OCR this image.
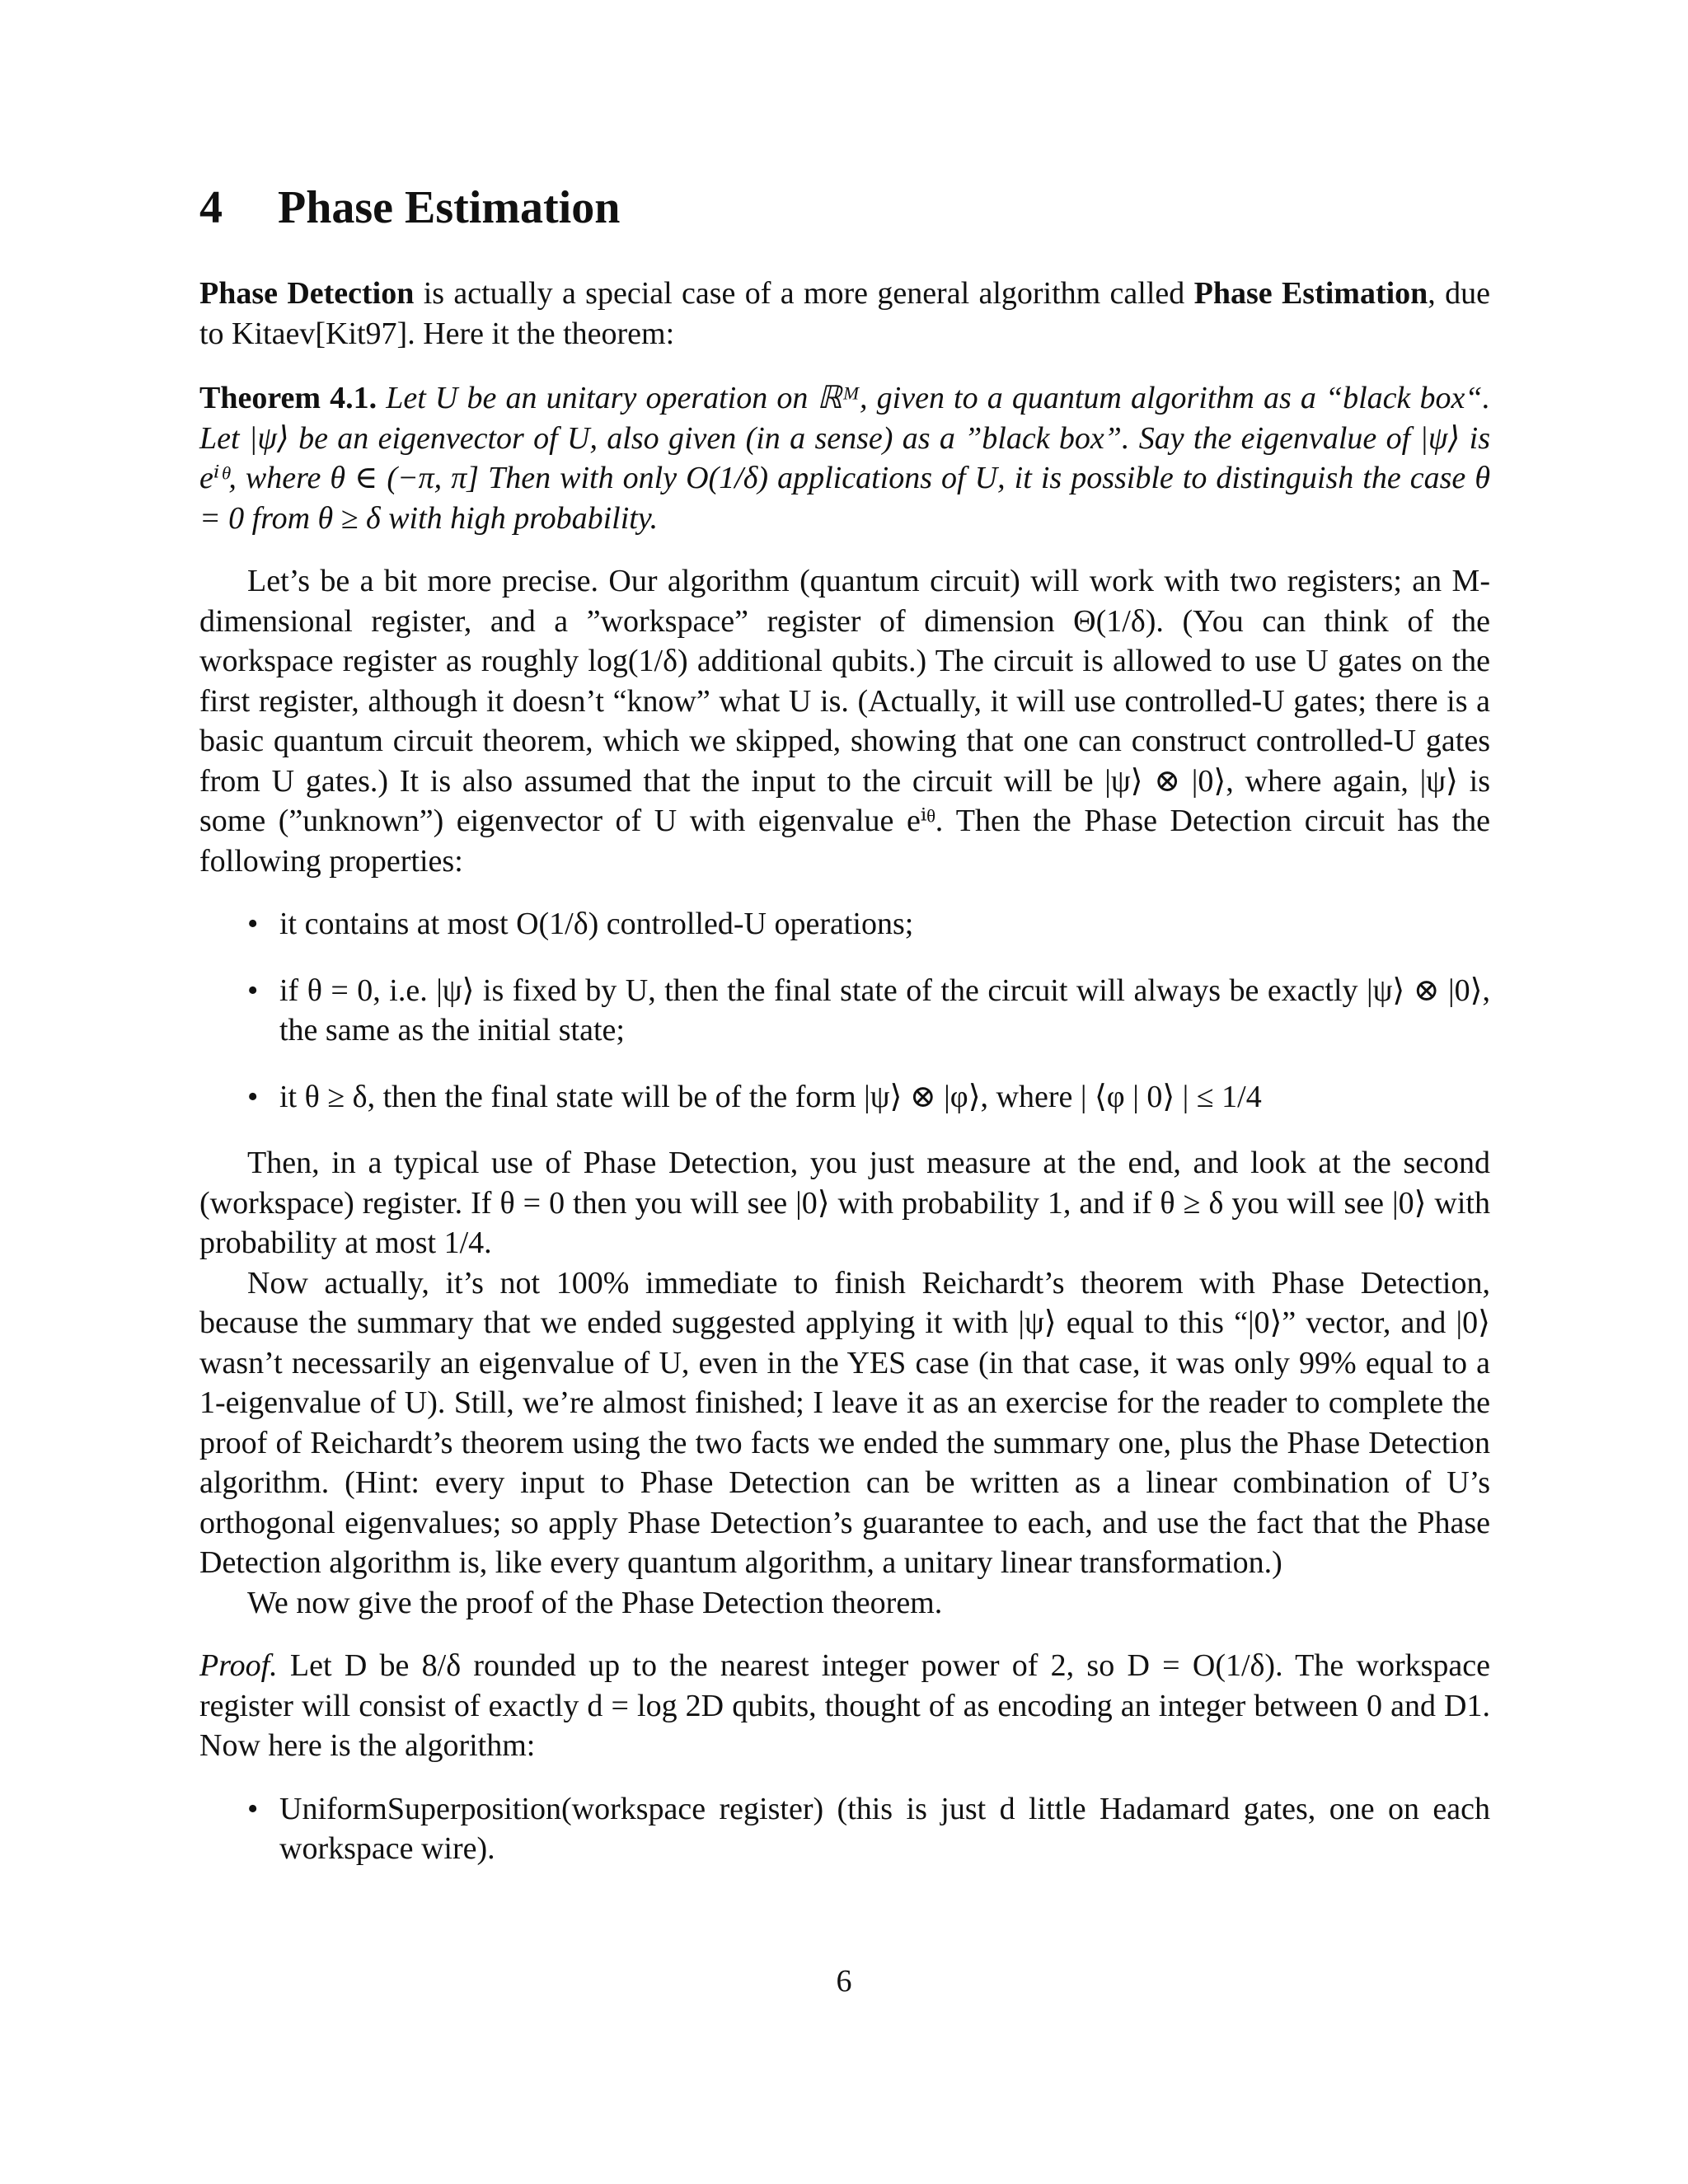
4	Phase Estimation

Phase Detection is actually a special case of a more general algorithm called Phase Estimation, due to Kitaev[Kit97]. Here it the theorem:

Theorem 4.1. Let U be an unitary operation on ℝᴹ, given to a quantum algorithm as a “black box“. Let |ψ⟩ be an eigenvector of U, also given (in a sense) as a ”black box”. Say the eigenvalue of |ψ⟩ is eⁱᶿ, where θ ∈ (−π, π] Then with only O(1/δ) applications of U, it is possible to distinguish the case θ = 0 from θ ≥ δ with high probability.

Let’s be a bit more precise. Our algorithm (quantum circuit) will work with two registers; an M-dimensional register, and a ”workspace” register of dimension Θ(1/δ). (You can think of the workspace register as roughly log(1/δ) additional qubits.) The circuit is allowed to use U gates on the first register, although it doesn’t “know” what U is. (Actually, it will use controlled-U gates; there is a basic quantum circuit theorem, which we skipped, showing that one can construct controlled-U gates from U gates.) It is also assumed that the input to the circuit will be |ψ⟩ ⊗ |0⟩, where again, |ψ⟩ is some (”unknown”) eigenvector of U with eigenvalue eⁱᶿ. Then the Phase Detection circuit has the following properties:

• it contains at most O(1/δ) controlled-U operations;
• if θ = 0, i.e. |ψ⟩ is fixed by U, then the final state of the circuit will always be exactly |ψ⟩ ⊗ |0⟩, the same as the initial state;
• it θ ≥ δ, then the final state will be of the form |ψ⟩ ⊗ |φ⟩, where | ⟨φ | 0⟩ | ≤ 1/4

Then, in a typical use of Phase Detection, you just measure at the end, and look at the second (workspace) register. If θ = 0 then you will see |0⟩ with probability 1, and if θ ≥ δ you will see |0⟩ with probability at most 1/4.

Now actually, it’s not 100% immediate to finish Reichardt’s theorem with Phase Detection, because the summary that we ended suggested applying it with |ψ⟩ equal to this “|0⟩” vector, and |0⟩ wasn’t necessarily an eigenvalue of U, even in the YES case (in that case, it was only 99% equal to a 1-eigenvalue of U). Still, we’re almost finished; I leave it as an exercise for the reader to complete the proof of Reichardt’s theorem using the two facts we ended the summary one, plus the Phase Detection algorithm. (Hint: every input to Phase Detection can be written as a linear combination of U’s orthogonal eigenvalues; so apply Phase Detection’s guarantee to each, and use the fact that the Phase Detection algorithm is, like every quantum algorithm, a unitary linear transformation.)

We now give the proof of the Phase Detection theorem.

Proof. Let D be 8/δ rounded up to the nearest integer power of 2, so D = O(1/δ). The workspace register will consist of exactly d = log 2D qubits, thought of as encoding an integer between 0 and D1. Now here is the algorithm:

• UniformSuperposition(workspace register) (this is just d little Hadamard gates, one on each workspace wire).
6
